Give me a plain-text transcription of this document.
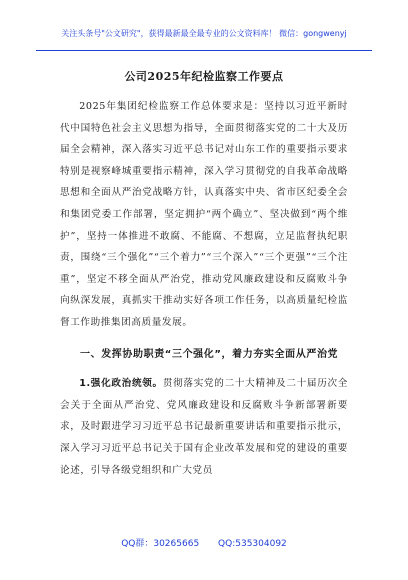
关注头条号"公文研究"，获得最新最全最专业的公文资料库！ 微信：gongwenyj
公司2025年纪检监察工作要点

2025年集团纪检监察工作总体要求是：坚持以习近平新时代中国特色社会主义思想为指导，全面贯彻落实党的二十大及历届全会精神，深入落实习近平总书记对山东工作的重要指示要求特别是视察峰城重要指示精神，深入学习贯彻党的自我革命战略思想和全面从严治党战略方针，认真落实中央、省市区纪委全会和集团党委工作部署，坚定拥护“两个确立”、坚决做到“两个维护”，坚持一体推进不敢腐、不能腐、不想腐，立足监督执纪职责，围绕“三个强化”“三个着力”“三个深入”“三个更强”“三个注重”，坚定不移全面从严治党，推动党风廉政建设和反腐败斗争向纵深发展，真抓实干推动实好各项工作任务，以高质量纪检监督工作助推集团高质量发展。

一、发挥协助职责“三个强化”，着力夯实全面从严治党

1.强化政治统领。贯彻落实党的二十大精神及二十届历次全会关于全面从严治党、党风廉政建设和反腐败斗争新部署新要求，及时跟进学习习近平总书记最新重要讲话和重要指示批示，深入学习习近平总书记关于国有企业改革发展和党的建设的重要论述，引导各级党组织和广大党员

QQ群：30265665 QQ:535304092
